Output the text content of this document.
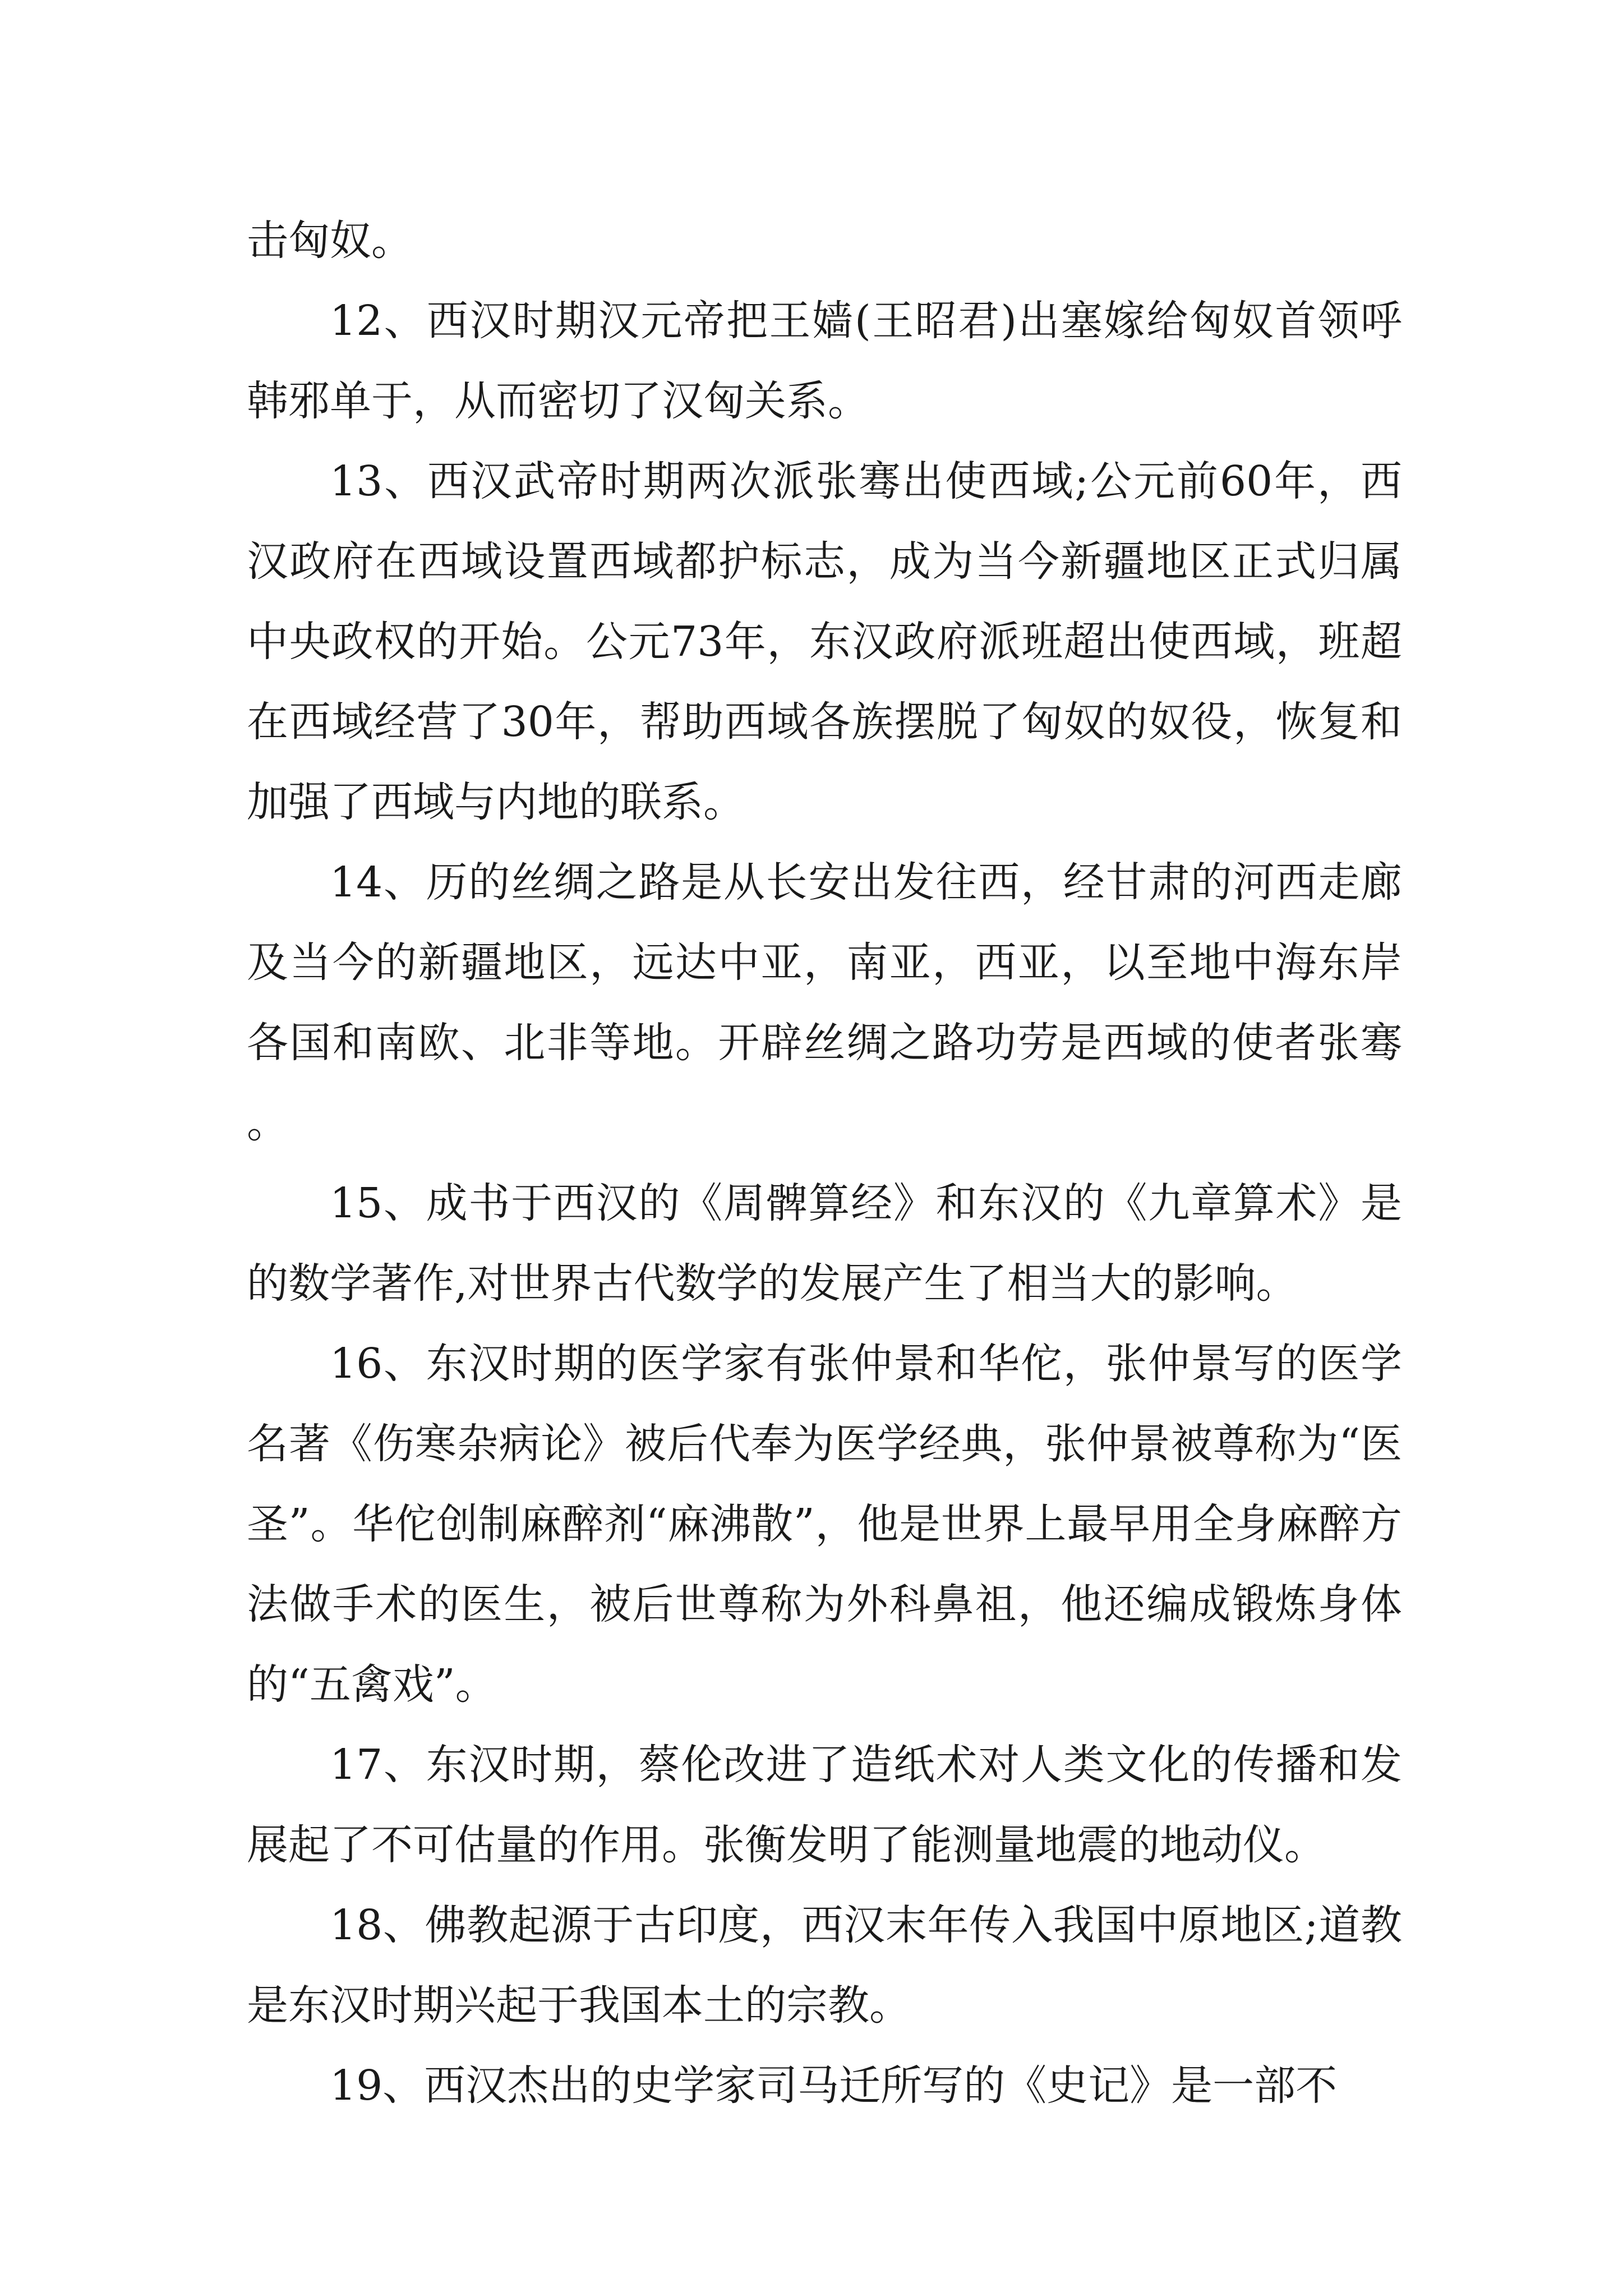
击匈奴。

12、西汉时期汉元帝把王嫱(王昭君)出塞嫁给匈奴首领呼韩邪单于，从而密切了汉匈关系。

13、西汉武帝时期两次派张骞出使西域;公元前60年，西汉政府在西域设置西域都护标志，成为当今新疆地区正式归属中央政权的开始。公元73年，东汉政府派班超出使西域，班超在西域经营了30年，帮助西域各族摆脱了匈奴的奴役，恢复和加强了西域与内地的联系。

14、历的丝绸之路是从长安出发往西，经甘肃的河西走廊及当今的新疆地区，远达中亚，南亚，西亚，以至地中海东岸各国和南欧、北非等地。开辟丝绸之路功劳是西域的使者张骞。

15、成书于西汉的《周髀算经》和东汉的《九章算术》是的数学著作,对世界古代数学的发展产生了相当大的影响。

16、东汉时期的医学家有张仲景和华佗，张仲景写的医学名著《伤寒杂病论》被后代奉为医学经典，张仲景被尊称为“医圣”。华佗创制麻醉剂“麻沸散”，他是世界上最早用全身麻醉方法做手术的医生，被后世尊称为外科鼻祖，他还编成锻炼身体的“五禽戏”。

17、东汉时期，蔡伦改进了造纸术对人类文化的传播和发展起了不可估量的作用。张衡发明了能测量地震的地动仪。

18、佛教起源于古印度，西汉末年传入我国中原地区;道教是东汉时期兴起于我国本土的宗教。

19、西汉杰出的史学家司马迁所写的《史记》是一部不
